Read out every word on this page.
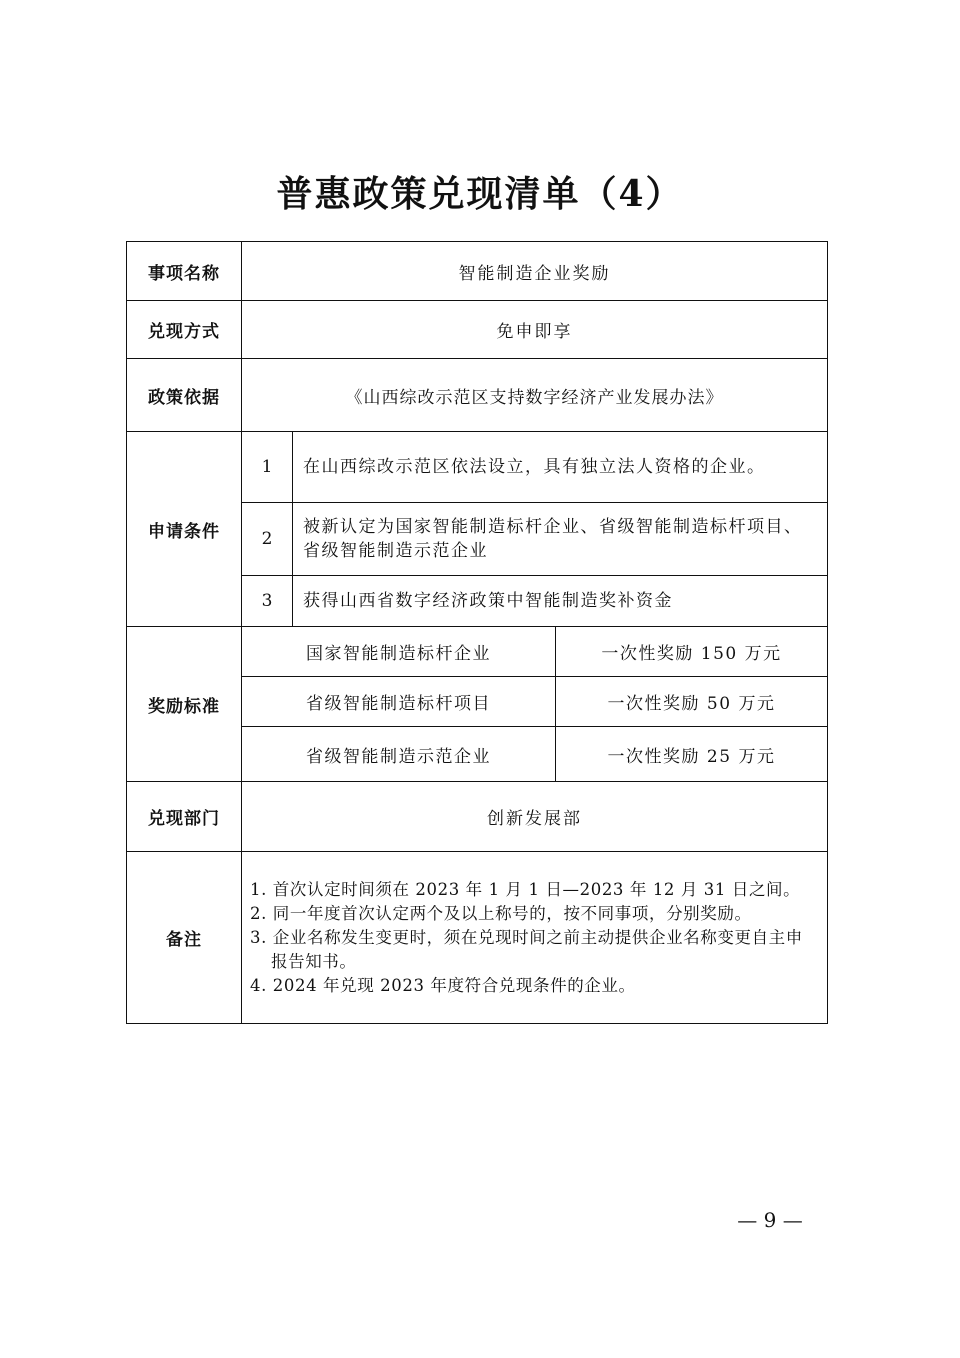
普惠政策兑现清单（4）
事项名称	智能制造企业奖励		
兑现方式	免申即享		
政策依据	《山西综改示范区支持数字经济产业发展办法》		
申请条件	1	在山西综改示范区依法设立，具有独立法人资格的企业。	
	2	被新认定为国家智能制造标杆企业、省级智能制造标杆项目、省级智能制造示范企业	
	3	获得山西省数字经济政策中智能制造奖补资金	
奖励标准	国家智能制造标杆企业		一次性奖励 150 万元
	省级智能制造标杆项目		一次性奖励 50 万元
	省级智能制造示范企业		一次性奖励 25 万元
兑现部门	创新发展部		
备注	1. 首次认定时间须在 2023 年 1 月 1 日—2023 年 12 月 31 日之间。
2. 同一年度首次认定两个及以上称号的，按不同事项，分别奖励。
3. 企业名称发生变更时，须在兑现时间之前主动提供企业名称变更自主申报告知书。
4. 2024 年兑现 2023 年度符合兑现条件的企业。		
— 9 —
